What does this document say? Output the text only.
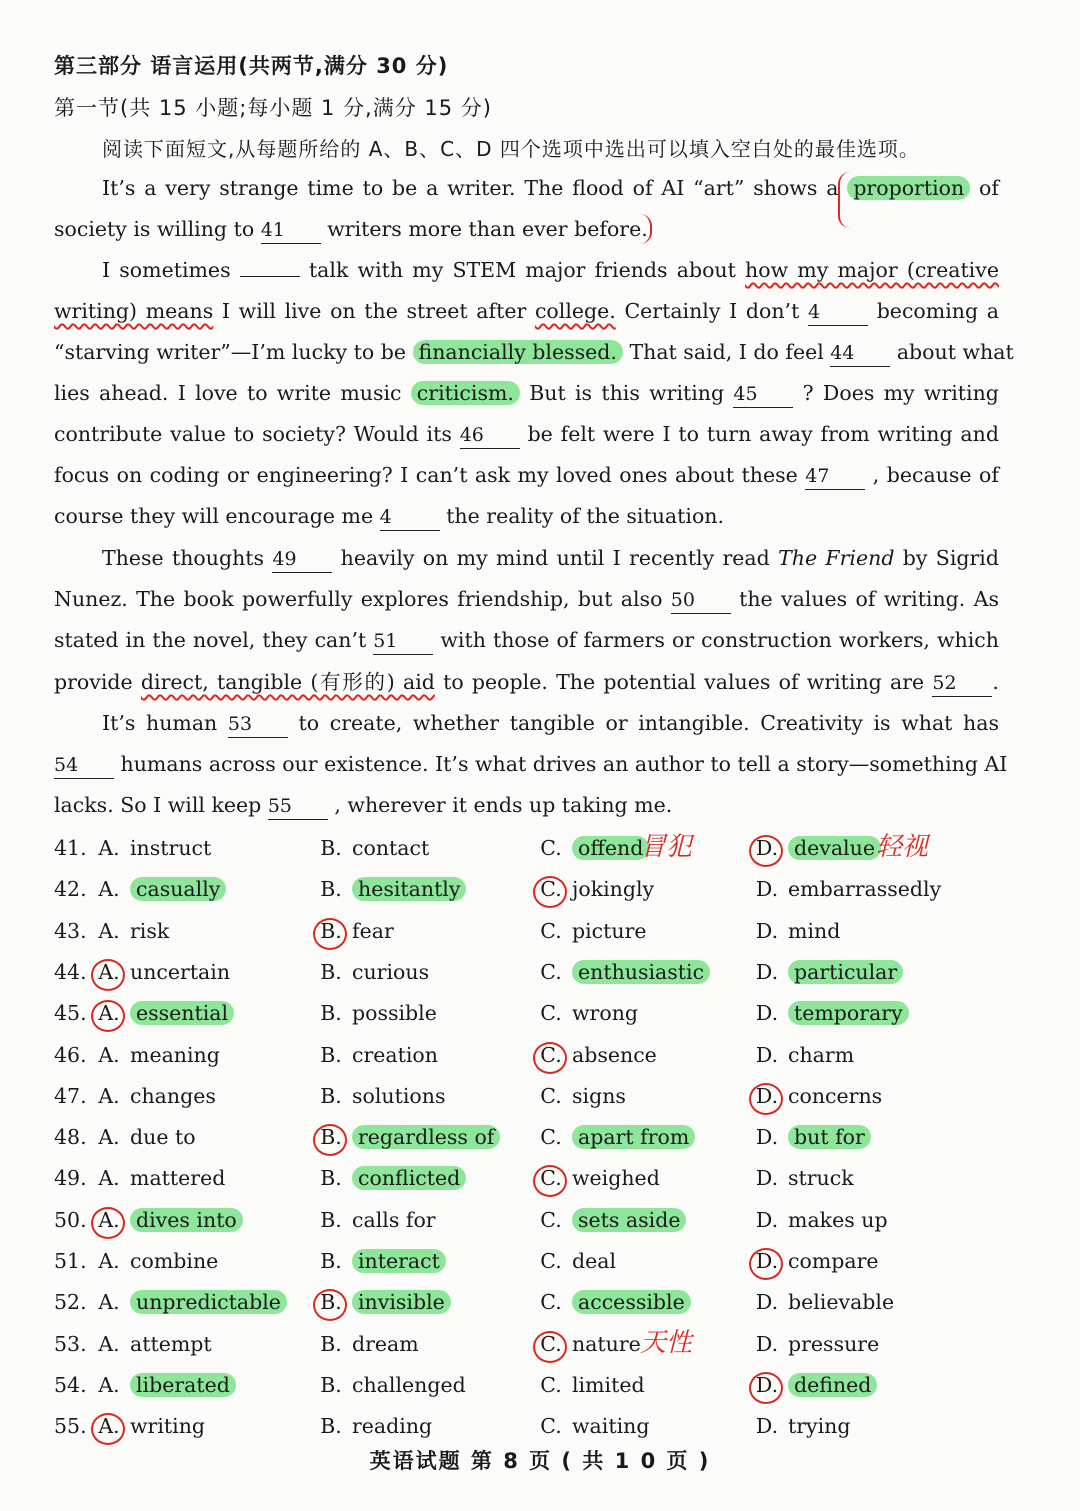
第三部分 语言运用(共两节,满分 30 分)
第一节(共 15 小题;每小题 1 分,满分 15 分)
阅读下面短文,从每题所给的 A、B、C、D 四个选项中选出可以填入空白处的最佳选项。
It’s a very strange time to be a writer. The flood of AI “art” shows a proportion of
society is willing to 41 writers more than ever before.
I sometimes	talk with my STEM major friends about how my major (creative
writing) means I will live on the street after college. Certainly I don’t 4	becoming a
“starving writer”—I’m lucky to be financially blessed. That said, I do feel 44 about what
lies ahead. I love to write music criticism. But is this writing 45 ? Does my writing
contribute value to society? Would its 46 be felt were I to turn away from writing and
focus on coding or engineering? I can’t ask my loved ones about these 47 , because of
course they will encourage me 4	the reality of the situation.
These thoughts 49 heavily on my mind until I recently read The Friend by Sigrid
Nunez. The book powerfully explores friendship, but also 50 the values of writing. As
stated in the novel, they can’t 51 with those of farmers or construction workers, which
provide direct, tangible (有形的) aid to people. The potential values of writing are 52 .
It’s human 53 to create, whether tangible or intangible. Creativity is what has
54 humans across our existence. It’s what drives an author to tell a story—something AI
lacks. So I will keep 55 , wherever it ends up taking me.
41. A. instruct	B. contact	C. offend	D. devalue
42. A. casually	B. hesitantly	C. jokingly	D. embarrassedly
43. A. risk	B. fear	C. picture	D. mind
44. A. uncertain	B. curious	C. enthusiastic	D. particular
45. A. essential	B. possible	C. wrong	D. temporary
46. A. meaning	B. creation	C. absence	D. charm
47. A. changes	B. solutions	C. signs	D. concerns
48. A. due to	B. regardless of C. apart from	D. but for
49. A. mattered	B. conflicted	C. weighed	D. struck
50. A. dives into	B. calls for	C. sets aside	D. makes up
51. A. combine	B. interact	C. deal	D. compare
52. A. unpredictable B. invisible	C. accessible	D. believable
53. A. attempt	B. dream	C. nature	D. pressure
54. A. liberated	B. challenged	C. limited	D. defined
55. A. writing	B. reading	C. waiting	D. trying
冒犯	轻视
天性
英语试题 第 8 页 ( 共 1 0 页 )
